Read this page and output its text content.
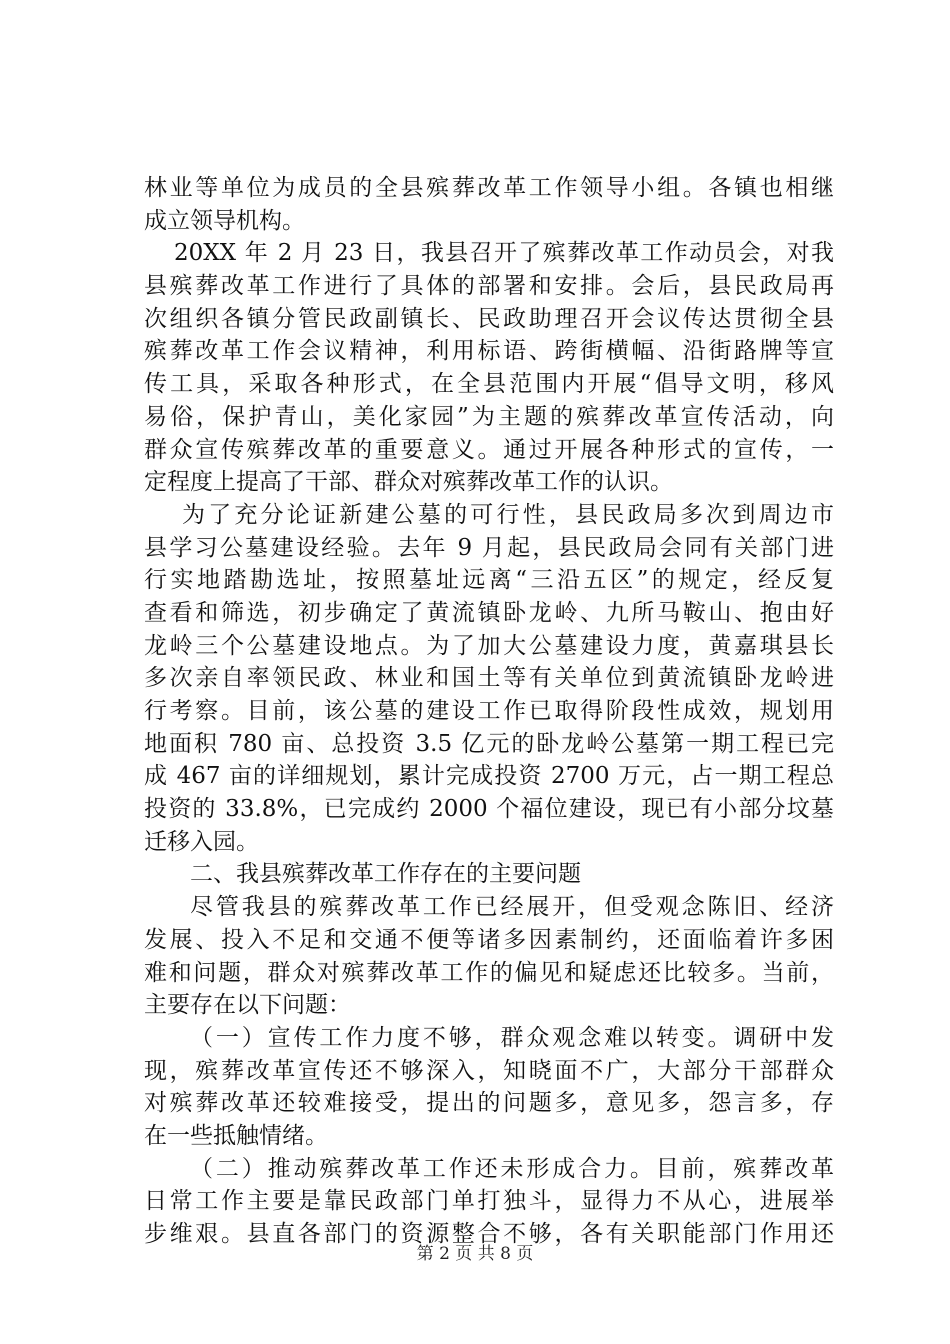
林业等单位为成员的全县殡葬改革工作领导小组。各镇也相继
成立领导机构。
20XX 年 2 月 23 日，我县召开了殡葬改革工作动员会，对我
县殡葬改革工作进行了具体的部署和安排。会后，县民政局再
次组织各镇分管民政副镇长、民政助理召开会议传达贯彻全县
殡葬改革工作会议精神，利用标语、跨街横幅、沿街路牌等宣
传工具，采取各种形式，在全县范围内开展“倡导文明，移风
易俗，保护青山，美化家园”为主题的殡葬改革宣传活动，向
群众宣传殡葬改革的重要意义。通过开展各种形式的宣传，一
定程度上提高了干部、群众对殡葬改革工作的认识。
为了充分论证新建公墓的可行性，县民政局多次到周边市
县学习公墓建设经验。去年 9 月起，县民政局会同有关部门进
行实地踏勘选址，按照墓址远离“三沿五区”的规定，经反复
查看和筛选，初步确定了黄流镇卧龙岭、九所马鞍山、抱由好
龙岭三个公墓建设地点。为了加大公墓建设力度，黄嘉琪县长
多次亲自率领民政、林业和国土等有关单位到黄流镇卧龙岭进
行考察。目前，该公墓的建设工作已取得阶段性成效，规划用
地面积 780 亩、总投资 3.5 亿元的卧龙岭公墓第一期工程已完
成 467 亩的详细规划，累计完成投资 2700 万元，占一期工程总
投资的 33.8%，已完成约 2000 个福位建设，现已有小部分坟墓
迁移入园。
二、我县殡葬改革工作存在的主要问题
尽管我县的殡葬改革工作已经展开，但受观念陈旧、经济
发展、投入不足和交通不便等诸多因素制约，还面临着许多困
难和问题，群众对殡葬改革工作的偏见和疑虑还比较多。当前，
主要存在以下问题：
（一）宣传工作力度不够，群众观念难以转变。调研中发
现，殡葬改革宣传还不够深入，知晓面不广，大部分干部群众
对殡葬改革还较难接受，提出的问题多，意见多，怨言多，存
在一些抵触情绪。
（二）推动殡葬改革工作还未形成合力。目前，殡葬改革
日常工作主要是靠民政部门单打独斗，显得力不从心，进展举
步维艰。县直各部门的资源整合不够，各有关职能部门作用还
第 2 页 共 8 页
